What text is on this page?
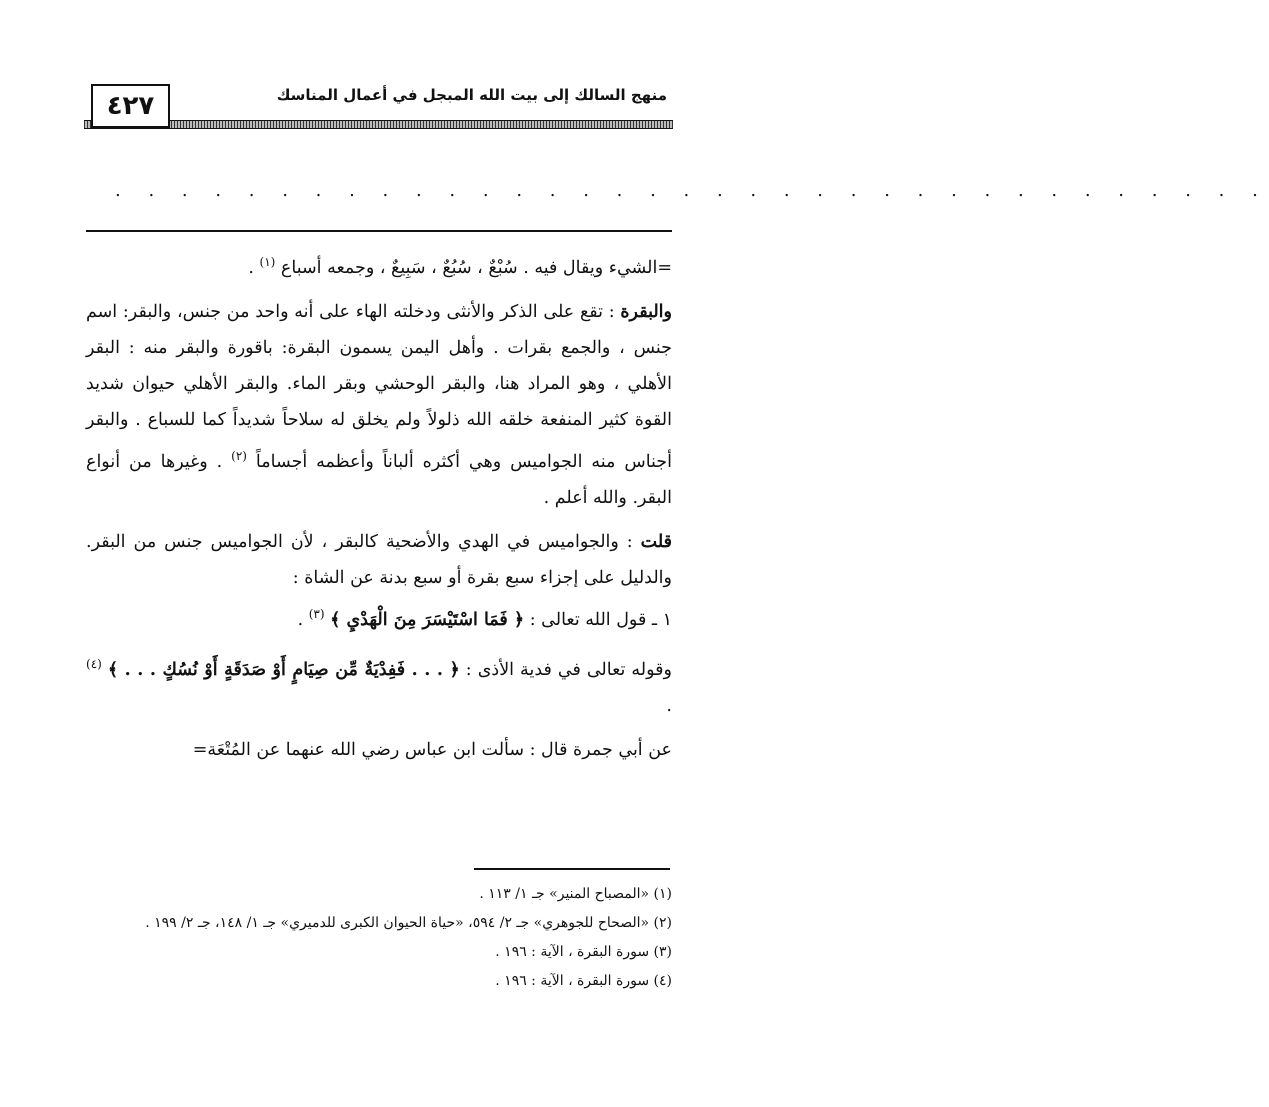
٤٢٧	منهج السالك إلى بيت الله المبجل في أعمال المناسك
. . . . . . . . . . . . . . . . . . . . . . . . . . . . . . . . . . .

=الشيء ويقال فيه . سُبْعٌ ، سُبُعٌ ، سَبِيعٌ ، وجمعه أسباع $^{(١)}$ .

والبقرة : تقع على الذكر والأنثى ودخلته الهاء على أنه واحد من جنس، والبقر: اسم جنس ، والجمع بقرات . وأهل اليمن يسمون البقرة: باقورة والبقر منه : البقر الأهلي ، وهو المراد هنا، والبقر الوحشي وبقر الماء. والبقر الأهلي حيوان شديد القوة كثير المنفعة خلقه الله ذلولاً ولم يخلق له سلاحاً شديداً كما للسباع . والبقر أجناس منه الجواميس وهي أكثره ألباناً وأعظمه أجساماً $^{(٢)}$ . وغيرها من أنواع البقر. والله أعلم .

قلت : والجواميس في الهدي والأضحية كالبقر ، لأن الجواميس جنس من البقر. والدليل على إجزاء سبع بقرة أو سبع بدنة عن الشاة :

١ ـ قول الله تعالى : ﴿ فَمَا اسْتَيْسَرَ مِنَ الْهَدْيِ ﴾ $^{(٣)}$ .

وقوله تعالى في فدية الأذى : ﴿ . . . فَفِدْيَةٌ مِّن صِيَامٍ أَوْ صَدَقَةٍ أَوْ نُسُكٍ . . . ﴾ $^{(٤)}$ .

عن أبي جمرة قال : سألت ابن عباس رضي الله عنهما عن المُتْعَة=

(١) «المصباح المنير» جـ ١/ ١١٣ .

(٢) «الصحاح للجوهري» جـ ٢/ ٥٩٤، «حياة الحيوان الكبرى للدميري» جـ ١/ ١٤٨، جـ ٢/ ١٩٩ .

(٣) سورة البقرة ، الآية : ١٩٦ .

(٤) سورة البقرة ، الآية : ١٩٦ .
